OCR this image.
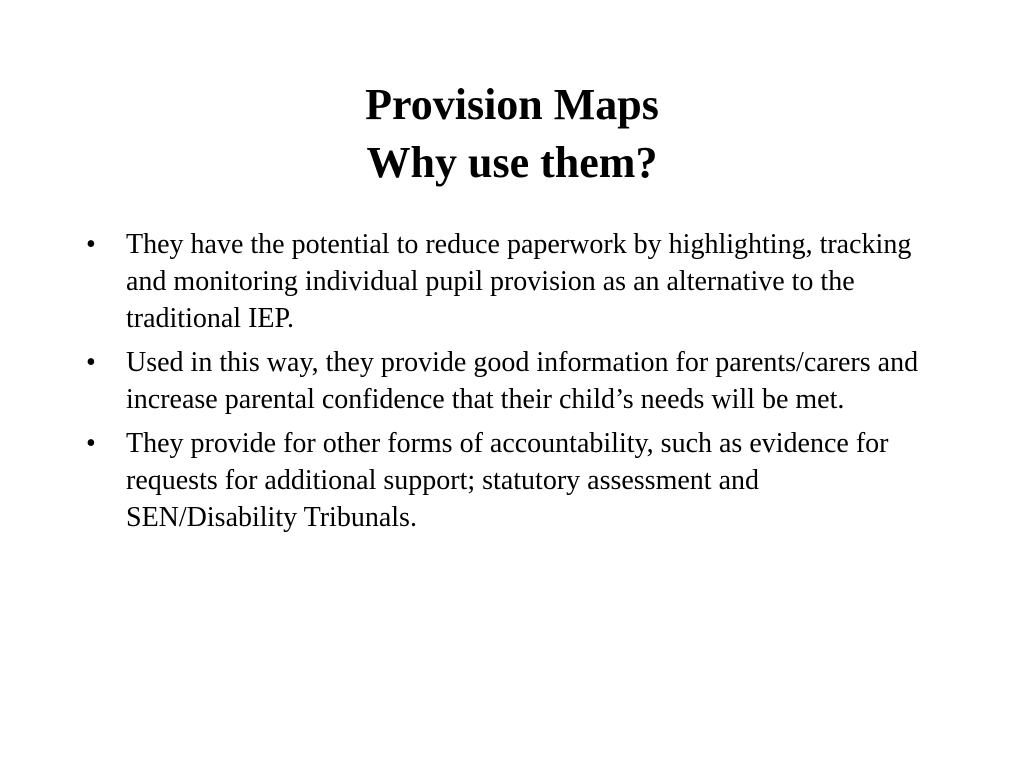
Provision Maps
Why use them?
• They have the potential to reduce paperwork by highlighting, tracking and monitoring individual pupil provision as an alternative to the traditional IEP.
• Used in this way, they provide good information for parents/carers and increase parental confidence that their child’s needs will be met.
• They provide for other forms of accountability, such as evidence for requests for additional support; statutory assessment and SEN/Disability Tribunals.
